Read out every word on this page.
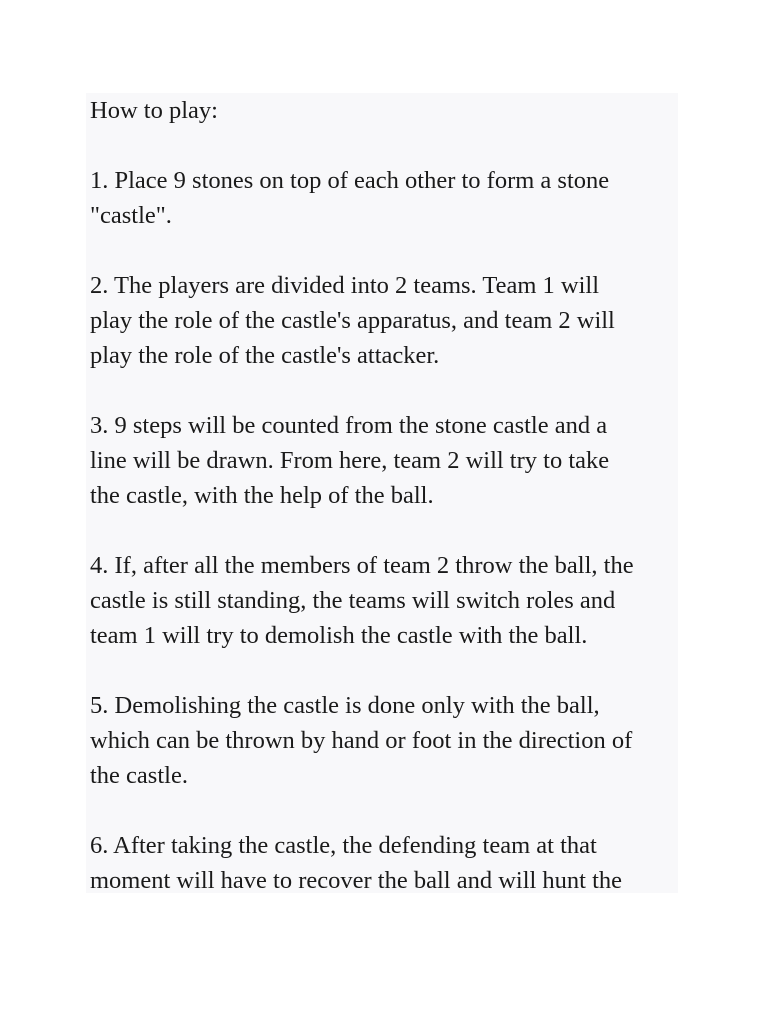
How to play:

1. Place 9 stones on top of each other to form a stone

"castle".

2. The players are divided into 2 teams. Team 1 will

play the role of the castle's apparatus, and team 2 will

play the role of the castle's attacker.

3. 9 steps will be counted from the stone castle and a

line will be drawn. From here, team 2 will try to take

the castle, with the help of the ball.

4. If, after all the members of team 2 throw the ball, the

castle is still standing, the teams will switch roles and

team 1 will try to demolish the castle with the ball.

5. Demolishing the castle is done only with the ball,

which can be thrown by hand or foot in the direction of

the castle.

6. After taking the castle, the defending team at that

moment will have to recover the ball and will hunt the
